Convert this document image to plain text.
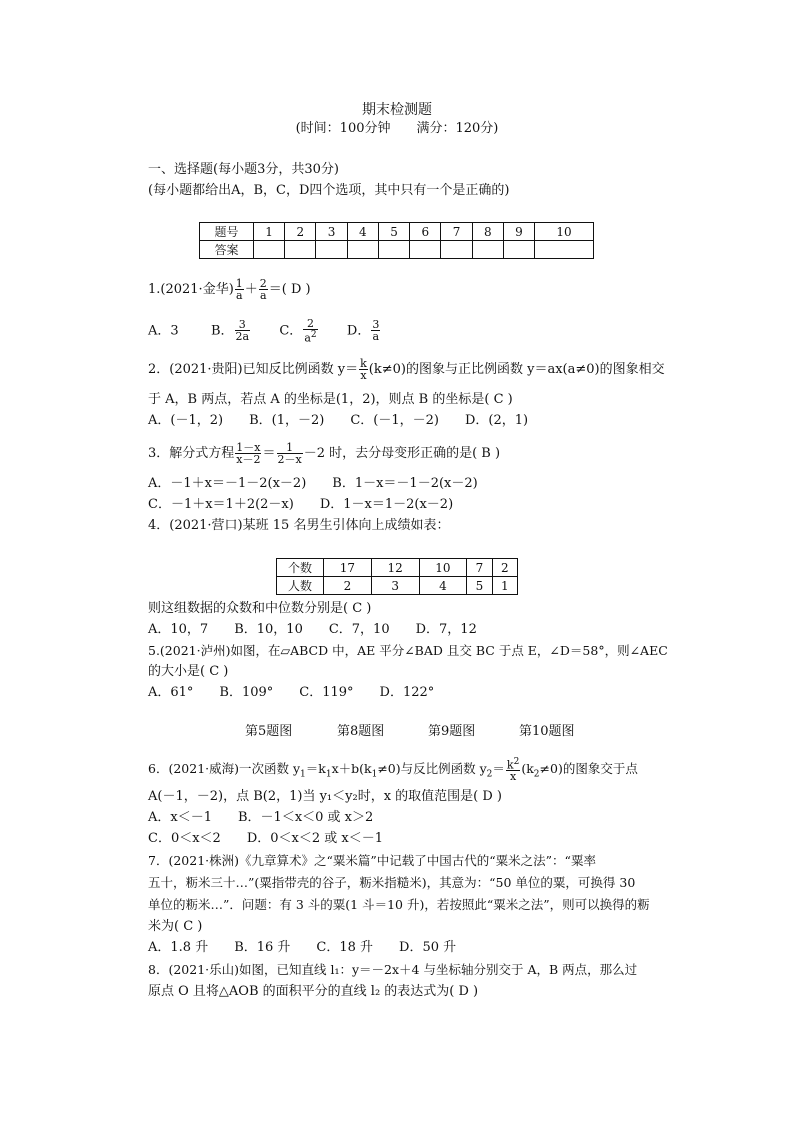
期末检测题
(时间：100分钟　　满分：120分)
一、选择题(每小题3分，共30分)
(每小题都给出A，B，C，D四个选项，其中只有一个是正确的)
题号	1	2	3	4	5	6	7	8	9	10
答案										
1.(2021·金华) $\frac{1}{a} + \frac{2}{a}$ ＝( D )
A．3 B． $\frac{3}{2a}$ C． $\frac{2}{a^2}$ D． $\frac{3}{a}$
2．(2021·贵阳)已知反比例函数 $y= \frac{k}{x} (k\ne 0)$的图象与正比例函数 y＝ax(a≠0)的图象相交
于 A，B 两点，若点 A 的坐标是(1，2)，则点 B 的坐标是( C )
A．(－1，2)　　B．(1，－2)　　C．(－1，－2)　　D．(2，1)
3．解分式方程 $\frac{1-x}{x-2} = \frac{1}{2-x} -2$ 时，去分母变形正确的是( B )
A．－1＋x＝－1－2(x－2)　　B．1－x＝－1－2(x－2)
C．－1＋x＝1＋2(2－x)　　D．1－x＝1－2(x－2)
4．(2021·营口)某班 15 名男生引体向上成绩如表：
个数	17	12	10	7	2
人数	2	3	4	5	1
则这组数据的众数和中位数分别是( C )
A．10，7　　B．10，10　　C．7，10　　D．7，12
5.(2021·泸州)如图，在▱ABCD 中，AE 平分∠BAD 且交 BC 于点 E，∠D＝58°，则∠AEC
的大小是( C )
A．61°　　B．109°　　C．119°　　D．122°
第5题图	第8题图	第9题图	第10题图
6．(2021·威海)一次函数 $y_1=k_1x+b(k_1\ne 0)$与反比例函数 $y_2= \frac{k^2}{x} (k_2\ne 0)$的图象交于点
A(－1，－2)，点 B(2，1)当 y₁＜y₂时，x 的取值范围是( D )
A．x＜－1　　B．－1＜x＜0 或 x＞2
C．0＜x＜2　　D．0＜x＜2 或 x＜－1
7．(2021·株洲)《九章算术》之“粟米篇”中记载了中国古代的“粟米之法”：“粟率
五十，粝米三十…”(粟指带壳的谷子，粝米指糙米)，其意为：“50 单位的粟，可换得 30
单位的粝米…”．问题：有 3 斗的粟(1 斗＝10 升)，若按照此“粟米之法”，则可以换得的粝
米为( C )
A．1.8 升　　B．16 升　　C．18 升　　D．50 升
8．(2021·乐山)如图，已知直线 l₁：y＝－2x＋4 与坐标轴分别交于 A，B 两点，那么过
原点 O 且将△AOB 的面积平分的直线 l₂ 的表达式为( D )
